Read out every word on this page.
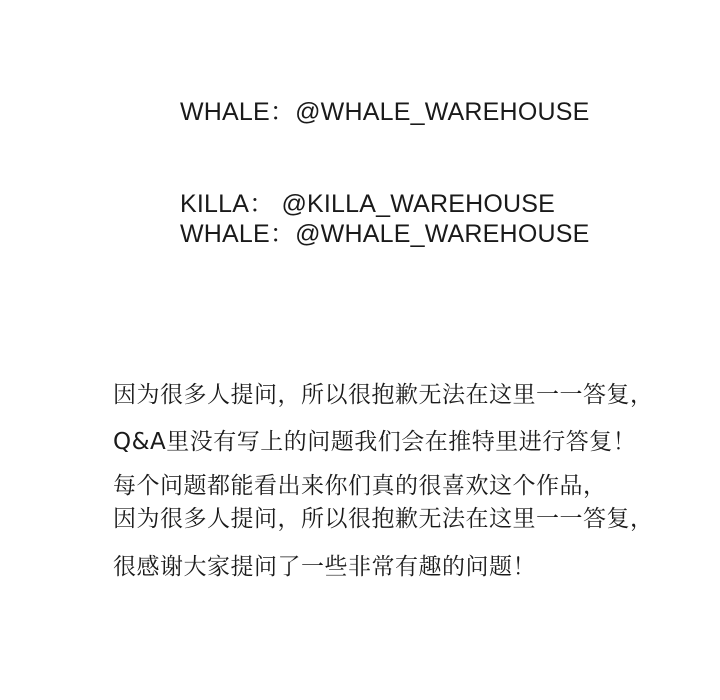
WHALE：@WHALE_WAREHOUSE
KILLA： @KILLA_WAREHOUSE
WHALE：@WHALE_WAREHOUSE
因为很多人提问，所以很抱歉无法在这里一一答复，
Q&A里没有写上的问题我们会在推特里进行答复！
每个问题都能看出来你们真的很喜欢这个作品，
因为很多人提问，所以很抱歉无法在这里一一答复，
很感谢大家提问了一些非常有趣的问题！
